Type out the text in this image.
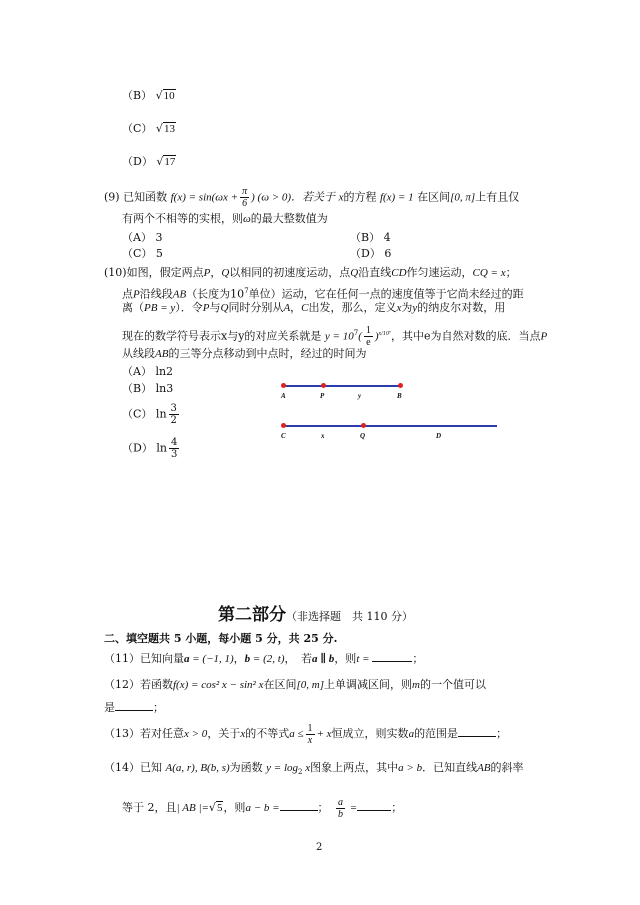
（B） √10
（C） √13
（D） √17
(9) 已知函数 $f(x) = \sin(\omega x + \frac{\pi}{6}$ ) (ω > 0)．若关于 x的方程 f(x) = 1 在区间[0, π]上有且仅
有两个不相等的实根，则ω的最大整数值为
（A） 3	（B） 4
（C） 5	（D） 6
(10)如图，假定两点P，Q以相同的初速度运动，点Q沿直线CD作匀速运动，CQ = x；
点P沿线段AB（长度为$10^7$单位）运动，它在任何一点的速度值等于它尚未经过的距
离（PB = y）．令P与Q同时分别从A，C出发，那么，定义x为y的纳皮尔对数，用
现在的数学符号表示x与y的对应关系就是 $y = 10^7( \frac{1}{e} )^{x/10^7}$，其中e为自然对数的底．当点P
从线段AB的三等分点移动到中点时，经过的时间为
（A） ln2
（B） ln3
（C） $\ln \frac{3}{2}$
（D） $\ln \frac{4}{3}$
A	P	y	B
C	x	Q	D
第二部分（非选择题　共 110 分）
二、填空题共 5 小题，每小题 5 分，共 25 分.
（11）已知向量a = (−1, 1)，b = (2, t)，　若a ∥ b，则t =	；
（12）若函数f(x) = cos² x − sin² x在区间[0, m]上单调减区间，则m的一个值可以
是	；
（13）若对任意x > 0，关于x的不等式$a \le \frac{1}{x} + x$恒成立，则实数a的范围是	；
（14）已知 A(a, r), B(b, s)为函数 $y = \log_2 x$图象上两点，其中a > b．已知直线AB的斜率
等于 2，且| AB |=√5，则a − b =	；　 $\frac{a}{b}$ =	；
2
